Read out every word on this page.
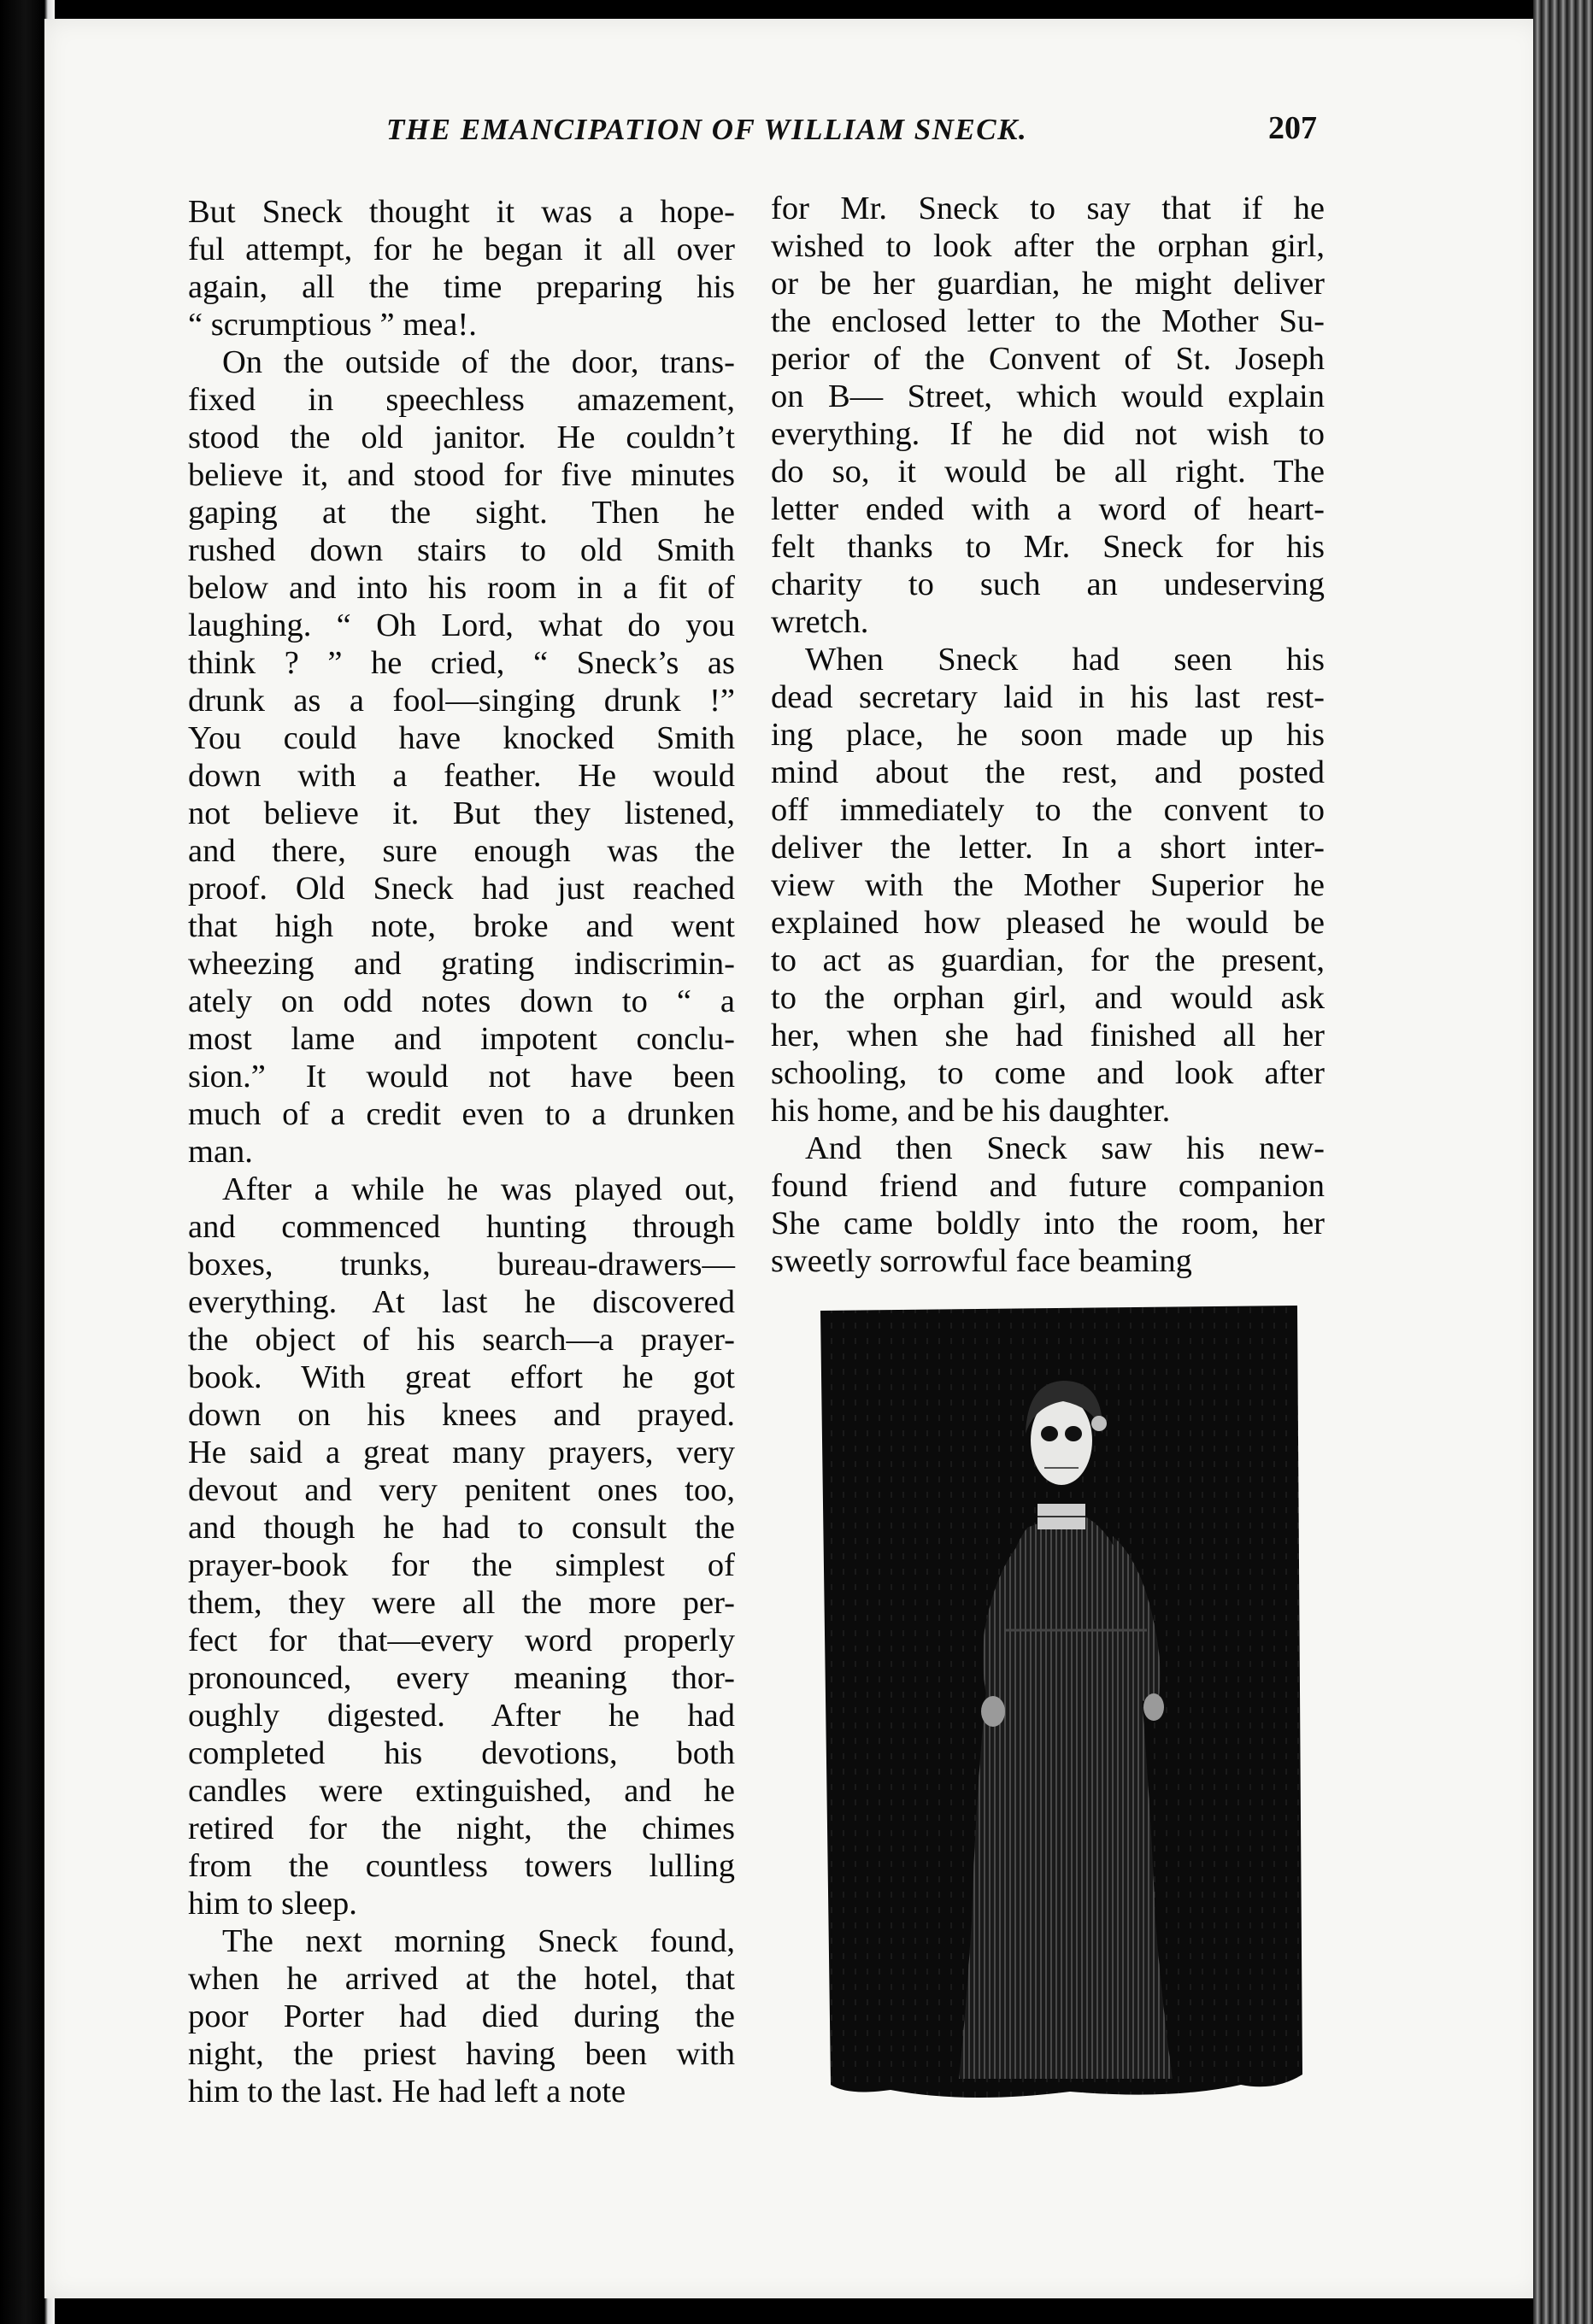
THE EMANCIPATION OF WILLIAM SNECK.	207
But Sneck thought it was a hope-
ful attempt, for he began it all over
again, all the time preparing his
“ scrumptious ” mea!.
On the outside of the door, trans-
fixed in speechless amazement,
stood the old janitor. He couldn’t
believe it, and stood for five minutes
gaping at the sight. Then he
rushed down stairs to old Smith
below and into his room in a fit of
laughing. “ Oh Lord, what do you
think ? ” he cried, “ Sneck’s as
drunk as a fool—singing drunk !”
You could have knocked Smith
down with a feather. He would
not believe it. But they listened,
and there, sure enough was the
proof. Old Sneck had just reached
that high note, broke and went
wheezing and grating indiscrimin-
ately on odd notes down to “ a
most lame and impotent conclu-
sion.” It would not have been
much of a credit even to a drunken
man.
After a while he was played out,
and commenced hunting through
boxes, trunks, bureau-drawers—
everything. At last he discovered
the object of his search—a prayer-
book. With great effort he got
down on his knees and prayed.
He said a great many prayers, very
devout and very penitent ones too,
and though he had to consult the
prayer-book for the simplest of
them, they were all the more per-
fect for that—every word properly
pronounced, every meaning thor-
oughly digested. After he had
completed his devotions, both
candles were extinguished, and he
retired for the night, the chimes
from the countless towers lulling
him to sleep.
The next morning Sneck found,
when he arrived at the hotel, that
poor Porter had died during the
night, the priest having been with
him to the last. He had left a note
for Mr. Sneck to say that if he
wished to look after the orphan girl,
or be her guardian, he might deliver
the enclosed letter to the Mother Su-
perior of the Convent of St. Joseph
on B— Street, which would explain
everything. If he did not wish to
do so, it would be all right. The
letter ended with a word of heart-
felt thanks to Mr. Sneck for his
charity to such an undeserving
wretch.
When Sneck had seen his
dead secretary laid in his last rest-
ing place, he soon made up his
mind about the rest, and posted
off immediately to the convent to
deliver the letter. In a short inter-
view with the Mother Superior he
explained how pleased he would be
to act as guardian, for the present,
to the orphan girl, and would ask
her, when she had finished all her
schooling, to come and look after
his home, and be his daughter.
And then Sneck saw his new-
found friend and future companion
She came boldly into the room, her
sweetly sorrowful face beaming
